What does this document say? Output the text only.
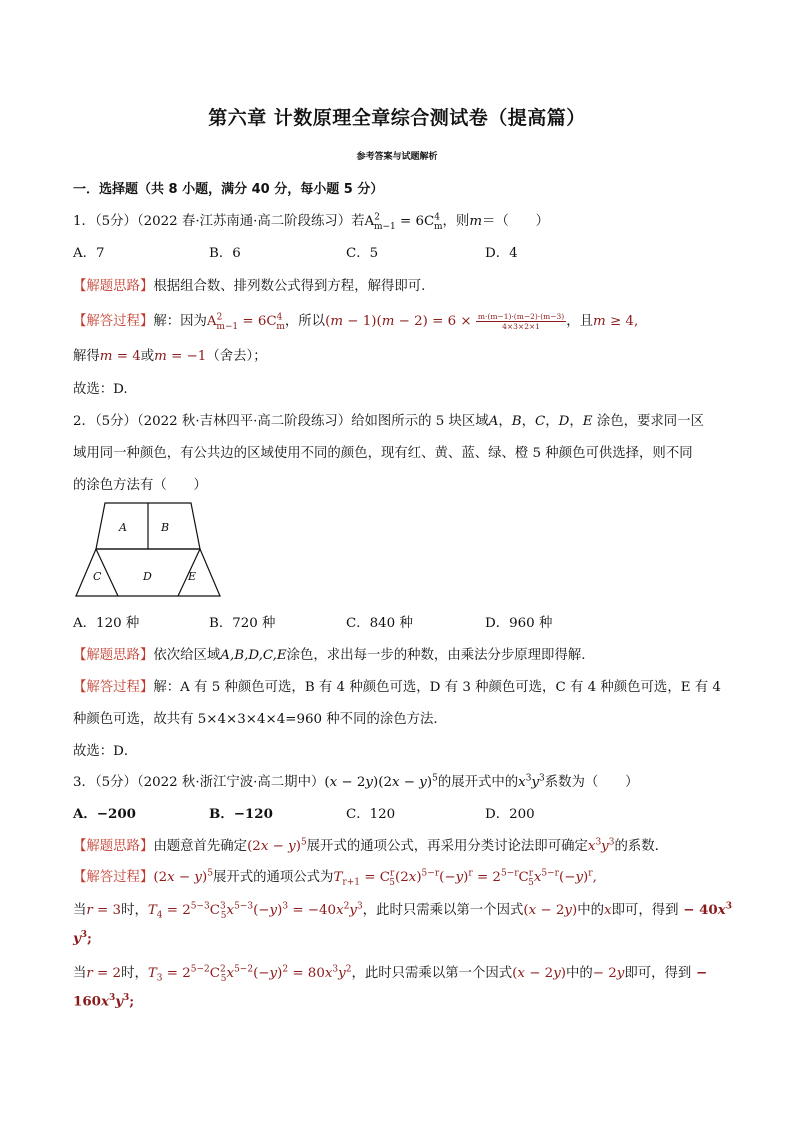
第六章 计数原理全章综合测试卷（提高篇）
参考答案与试题解析
一．选择题（共 8 小题，满分 40 分，每小题 5 分）
1．（5分）（2022 春·江苏南通·高二阶段练习）若$A^2_{m-1} = 6C^4_m$，则m＝（　　）
A．7	B．6	C．5	D．4
【解题思路】根据组合数、排列数公式得到方程，解得即可.
【解答过程】解：因为$A^2_{m-1} = 6C^4_m$，所以$(m - 1)(m - 2) = 6 \times \frac{m\cdot(m-1)\cdot(m-2)\cdot(m-3)}{4\times 3\times 2\times 1}$ ，且m ≥ 4,
解得m = 4或m = −1（舍去）；
故选：D.
2．（5分）（2022 秋·吉林四平·高二阶段练习）给如图所示的 5 块区域A，B，C，D，E 涂色，要求同一区
域用同一种颜色，有公共边的区域使用不同的颜色，现有红、黄、蓝、绿、橙 5 种颜色可供选择，则不同
的涂色方法有（　　）
A	B
C	D	E
A．120 种	B．720 种	C．840 种	D．960 种
【解题思路】依次给区域A,B,D,C,E涂色，求出每一步的种数，由乘法分步原理即得解.
【解答过程】解：A 有 5 种颜色可选，B 有 4 种颜色可选，D 有 3 种颜色可选，C 有 4 种颜色可选，E 有 4
种颜色可选，故共有 5×4×3×4×4=960 种不同的涂色方法.
故选：D．
3．（5分）（2022 秋·浙江宁波·高二期中）$(x - 2y)(2x - y)^5$的展开式中的$x^3y^3$系数为（　　）
A．−200	B．−120	C．120	D．200
【解题思路】由题意首先确定$(2x - y)^5$展开式的通项公式，再采用分类讨论法即可确定$x^3y^3$的系数.
【解答过程】$(2x - y)^5$展开式的通项公式为$T_{r+1} = C^r_5(2x)^{5-r}(-y)^r = 2^{5-r}C^r_5x^{5-r}(-y)^r$,
当r = 3时，$T_4 = 2^{5-3}C^3_5x^{5-3}(-y)^3 = -40x^2y^3$，此时只需乘以第一个因式(x − 2y)中的x即可，得到 − $40x^3$
$y^3$;
当r = 2时，$T_3 = 2^{5-2}C^2_5x^{5-2}(-y)^2 = 80x^3y^2$，此时只需乘以第一个因式(x − 2y)中的− 2y即可，得到 −
$160x^3y^3$;
